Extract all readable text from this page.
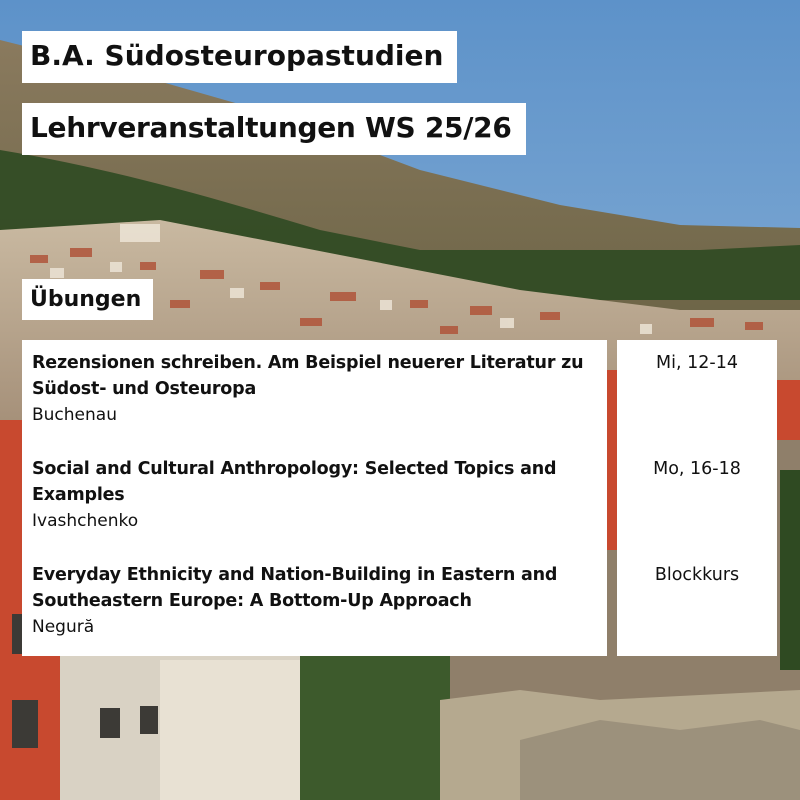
B.A. Südosteuropastudien
Lehrveranstaltungen WS 25/26
Übungen
Rezensionen schreiben. Am Beispiel neuerer Literatur zu Südost- und Osteuropa
Buchenau
Social and Cultural Anthropology: Selected Topics and Examples
Ivashchenko
Everyday Ethnicity and Nation-Building in Eastern and Southeastern Europe: A Bottom-Up Approach
Negură
Mi, 12-14
Mo, 16-18
Blockkurs
